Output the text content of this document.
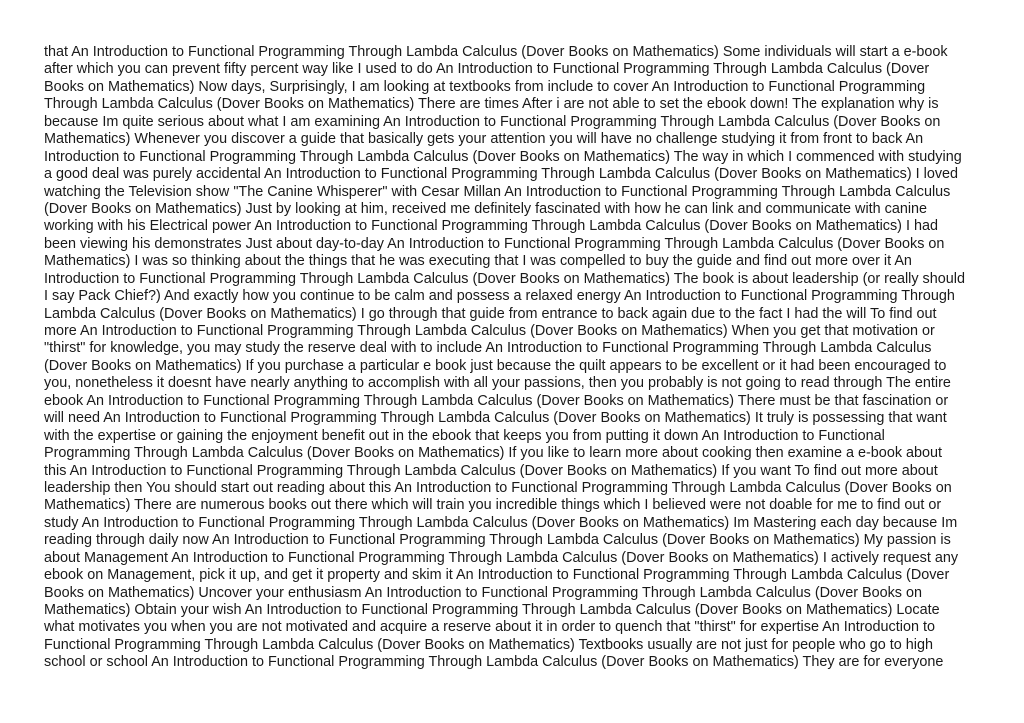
that An Introduction to Functional Programming Through Lambda Calculus (Dover Books on Mathematics) Some individuals will start a e-book
after which you can prevent fifty percent way like I used to do An Introduction to Functional Programming Through Lambda Calculus (Dover
Books on Mathematics) Now days, Surprisingly, I am looking at textbooks from include to cover An Introduction to Functional Programming
Through Lambda Calculus (Dover Books on Mathematics) There are times After i are not able to set the ebook down! The explanation why is
because Im quite serious about what I am examining An Introduction to Functional Programming Through Lambda Calculus (Dover Books on
Mathematics) Whenever you discover a guide that basically gets your attention you will have no challenge studying it from front to back An
Introduction to Functional Programming Through Lambda Calculus (Dover Books on Mathematics) The way in which I commenced with studying
a good deal was purely accidental An Introduction to Functional Programming Through Lambda Calculus (Dover Books on Mathematics) I loved
watching the Television show "The Canine Whisperer" with Cesar Millan An Introduction to Functional Programming Through Lambda Calculus
(Dover Books on Mathematics) Just by looking at him, received me definitely fascinated with how he can link and communicate with canine
working with his Electrical power An Introduction to Functional Programming Through Lambda Calculus (Dover Books on Mathematics) I had
been viewing his demonstrates Just about day-to-day An Introduction to Functional Programming Through Lambda Calculus (Dover Books on
Mathematics) I was so thinking about the things that he was executing that I was compelled to buy the guide and find out more over it An
Introduction to Functional Programming Through Lambda Calculus (Dover Books on Mathematics) The book is about leadership (or really should
I say Pack Chief?) And exactly how you continue to be calm and possess a relaxed energy An Introduction to Functional Programming Through
Lambda Calculus (Dover Books on Mathematics) I go through that guide from entrance to back again due to the fact I had the will To find out
more An Introduction to Functional Programming Through Lambda Calculus (Dover Books on Mathematics) When you get that motivation or
"thirst" for knowledge, you may study the reserve deal with to include An Introduction to Functional Programming Through Lambda Calculus
(Dover Books on Mathematics) If you purchase a particular e book just because the quilt appears to be excellent or it had been encouraged to
you, nonetheless it doesnt have nearly anything to accomplish with all your passions, then you probably is not going to read through The entire
ebook An Introduction to Functional Programming Through Lambda Calculus (Dover Books on Mathematics) There must be that fascination or
will need An Introduction to Functional Programming Through Lambda Calculus (Dover Books on Mathematics) It truly is possessing that want
with the expertise or gaining the enjoyment benefit out in the ebook that keeps you from putting it down An Introduction to Functional
Programming Through Lambda Calculus (Dover Books on Mathematics) If you like to learn more about cooking then examine a e-book about
this An Introduction to Functional Programming Through Lambda Calculus (Dover Books on Mathematics) If you want To find out more about
leadership then You should start out reading about this An Introduction to Functional Programming Through Lambda Calculus (Dover Books on
Mathematics) There are numerous books out there which will train you incredible things which I believed were not doable for me to find out or
study An Introduction to Functional Programming Through Lambda Calculus (Dover Books on Mathematics) Im Mastering each day because Im
reading through daily now An Introduction to Functional Programming Through Lambda Calculus (Dover Books on Mathematics) My passion is
about Management An Introduction to Functional Programming Through Lambda Calculus (Dover Books on Mathematics) I actively request any
ebook on Management, pick it up, and get it property and skim it An Introduction to Functional Programming Through Lambda Calculus (Dover
Books on Mathematics) Uncover your enthusiasm An Introduction to Functional Programming Through Lambda Calculus (Dover Books on
Mathematics) Obtain your wish An Introduction to Functional Programming Through Lambda Calculus (Dover Books on Mathematics) Locate
what motivates you when you are not motivated and acquire a reserve about it in order to quench that "thirst" for expertise An Introduction to
Functional Programming Through Lambda Calculus (Dover Books on Mathematics) Textbooks usually are not just for people who go to high
school or school An Introduction to Functional Programming Through Lambda Calculus (Dover Books on Mathematics) They are for everyone
